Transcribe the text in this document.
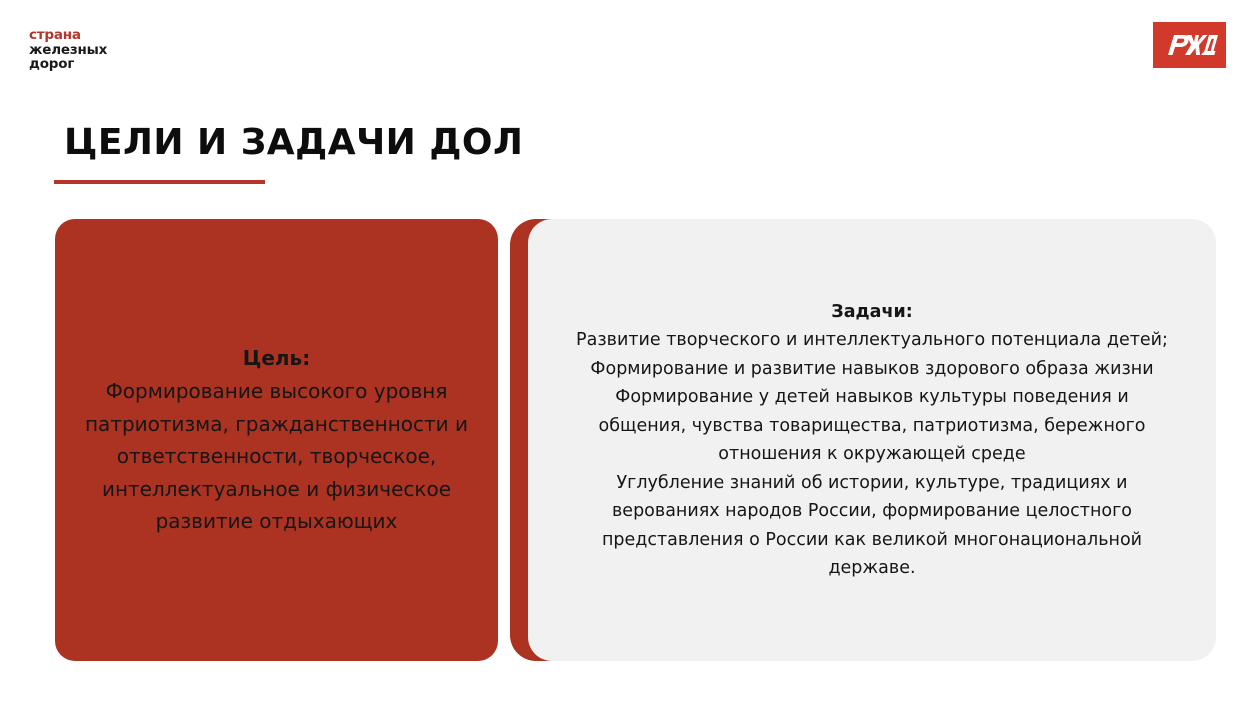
страна
железных
дорог
ЦЕЛИ И ЗАДАЧИ ДОЛ
Цель:
Формирование высокого уровня
патриотизма, гражданственности и
ответственности, творческое,
интеллектуальное и физическое
развитие отдыхающих
Задачи:
Развитие творческого и интеллектуального потенциала детей;
Формирование и развитие навыков здорового образа жизни
Формирование у детей навыков культуры поведения и
общения, чувства товарищества, патриотизма, бережного
отношения к окружающей среде
Углубление знаний об истории, культуре, традициях и
верованиях народов России, формирование целостного
представления о России как великой многонациональной
державе.
